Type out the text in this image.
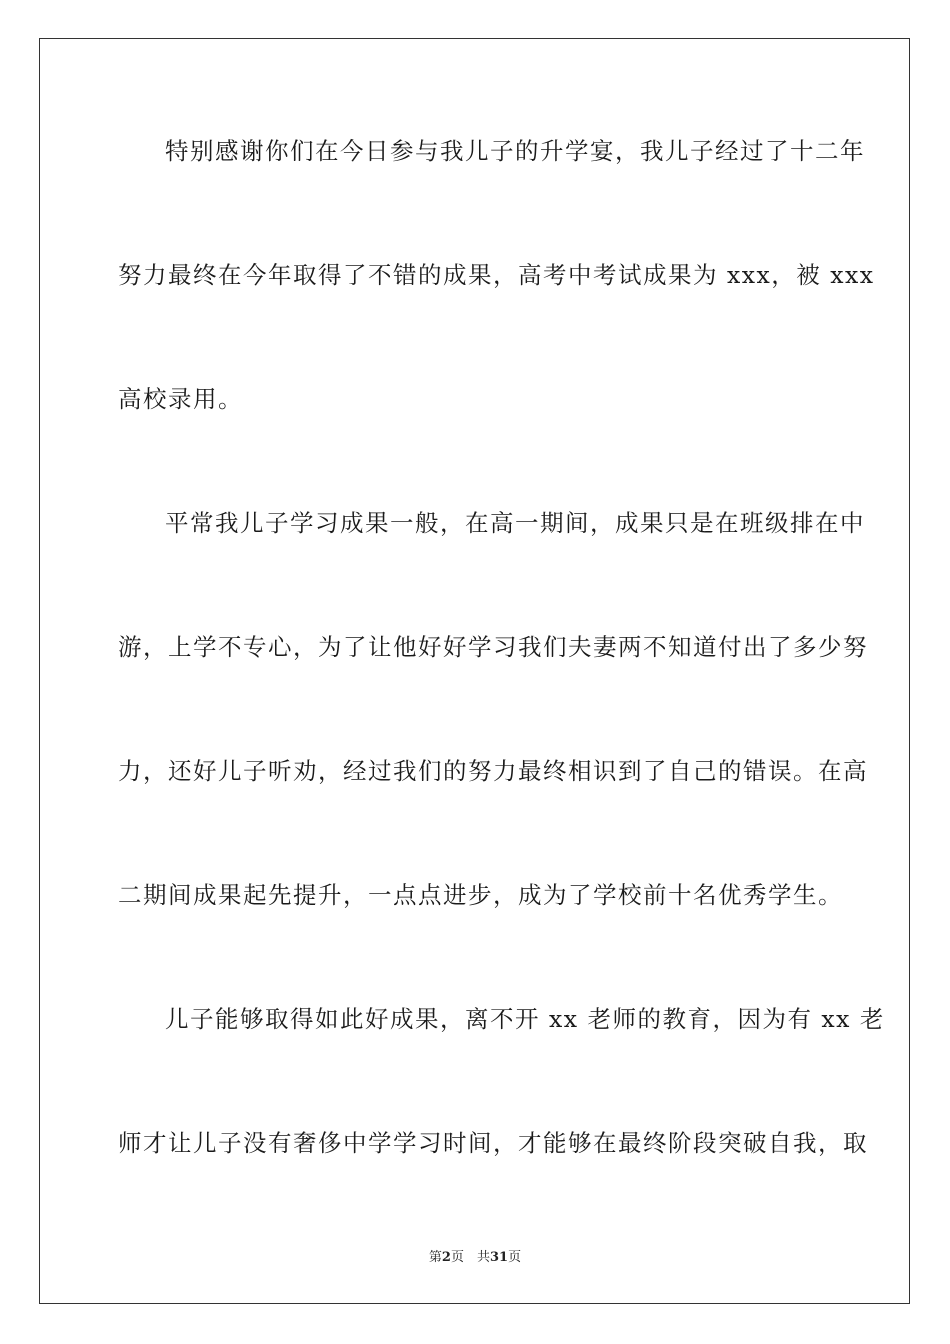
特别感谢你们在今日参与我儿子的升学宴，我儿子经过了十二年
努力最终在今年取得了不错的成果，高考中考试成果为 xxx，被 xxx
高校录用。
平常我儿子学习成果一般，在高一期间，成果只是在班级排在中
游，上学不专心，为了让他好好学习我们夫妻两不知道付出了多少努
力，还好儿子听劝，经过我们的努力最终相识到了自己的错误。在高
二期间成果起先提升，一点点进步，成为了学校前十名优秀学生。
儿子能够取得如此好成果，离不开 xx 老师的教育，因为有 xx 老
师才让儿子没有奢侈中学学习时间，才能够在最终阶段突破自我，取
第2页　共31页
